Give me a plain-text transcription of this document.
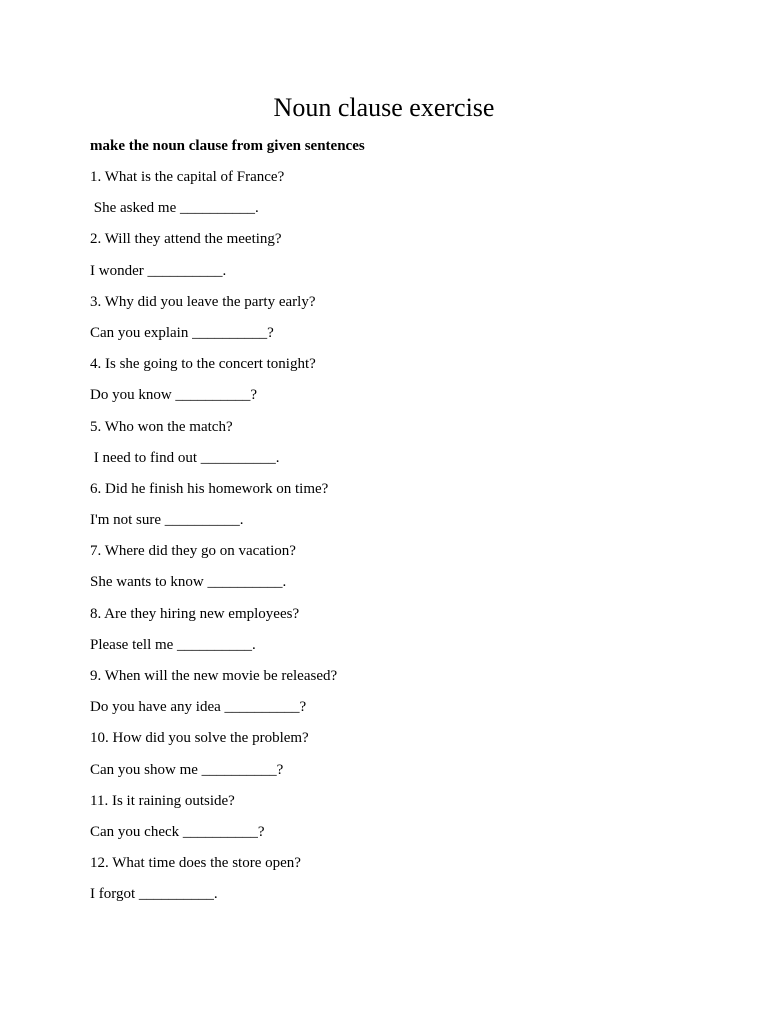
Noun clause exercise

make the noun clause from given sentences

1. What is the capital of France?

She asked me __________.

2. Will they attend the meeting?

I wonder __________.

3. Why did you leave the party early?

Can you explain __________?

4. Is she going to the concert tonight?

Do you know __________?

5. Who won the match?

I need to find out __________.

6. Did he finish his homework on time?

I'm not sure __________.

7. Where did they go on vacation?

She wants to know __________.

8. Are they hiring new employees?

Please tell me __________.

9. When will the new movie be released?

Do you have any idea __________?

10. How did you solve the problem?

Can you show me __________?

11. Is it raining outside?

Can you check __________?

12. What time does the store open?

I forgot __________.
